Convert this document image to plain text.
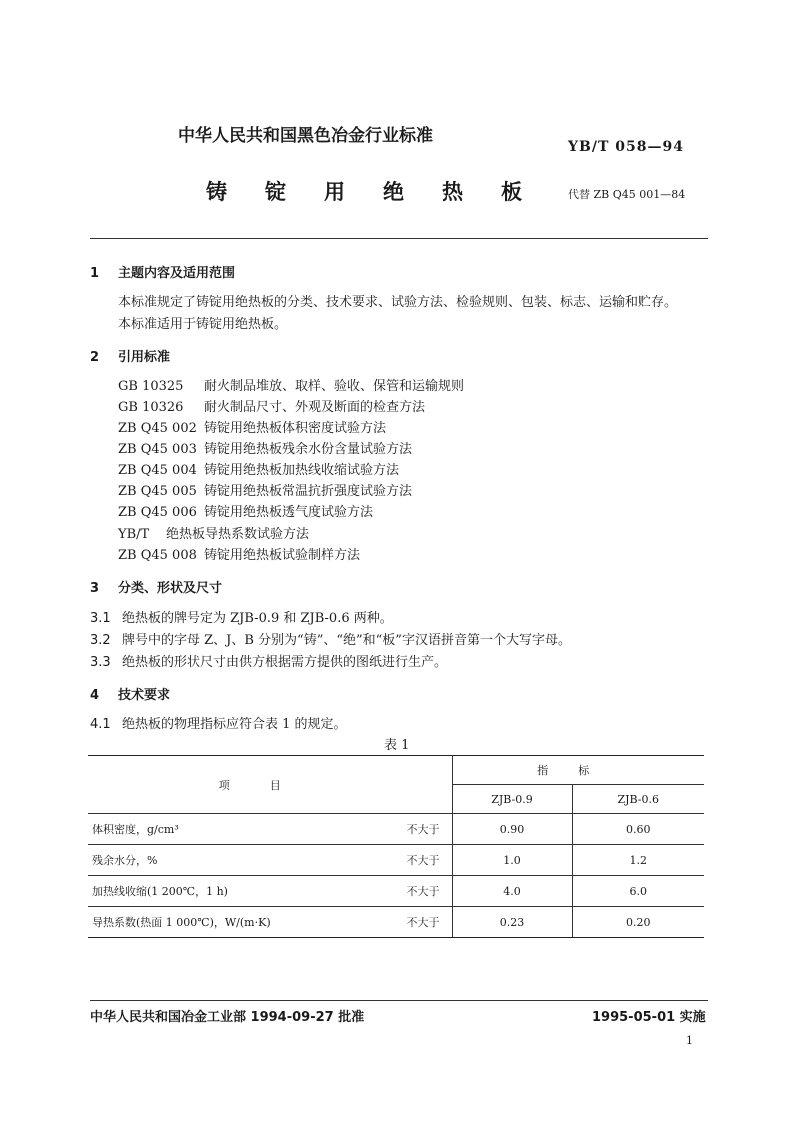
中华人民共和国黑色冶金行业标准
YB/T 058—94
铸锭用绝热板 代替 ZB Q45 001—84
1 主题内容及适用范围
本标准规定了铸锭用绝热板的分类、技术要求、试验方法、检验规则、包装、标志、运输和贮存。
本标准适用于铸锭用绝热板。
2 引用标准
GB 10325 耐火制品堆放、取样、验收、保管和运输规则
GB 10326 耐火制品尺寸、外观及断面的检查方法
ZB Q45 002 铸锭用绝热板体积密度试验方法
ZB Q45 003 铸锭用绝热板残余水份含量试验方法
ZB Q45 004 铸锭用绝热板加热线收缩试验方法
ZB Q45 005 铸锭用绝热板常温抗折强度试验方法
ZB Q45 006 铸锭用绝热板透气度试验方法
YB/T 绝热板导热系数试验方法
ZB Q45 008 铸锭用绝热板试验制样方法
3 分类、形状及尺寸
3.1 绝热板的牌号定为 ZJB-0.9 和 ZJB-0.6 两种。
3.2 牌号中的字母 Z、J、B 分别为“铸”、“绝”和“板”字汉语拼音第一个大写字母。
3.3 绝热板的形状尺寸由供方根据需方提供的图纸进行生产。
4 技术要求
4.1 绝热板的物理指标应符合表 1 的规定。
表 1
项目	指标	
	ZJB-0.9	ZJB-0.6
体积密度，g/cm³ 不大于	0.90	0.60
残余水分，% 不大于	1.0	1.2
加热线收缩(1 200℃，1 h) 不大于	4.0	6.0
导热系数(热面 1 000℃)，W/(m·K) 不大于	0.23	0.20
中华人民共和国冶金工业部 1994-09-27 批准	1995-05-01 实施
1
